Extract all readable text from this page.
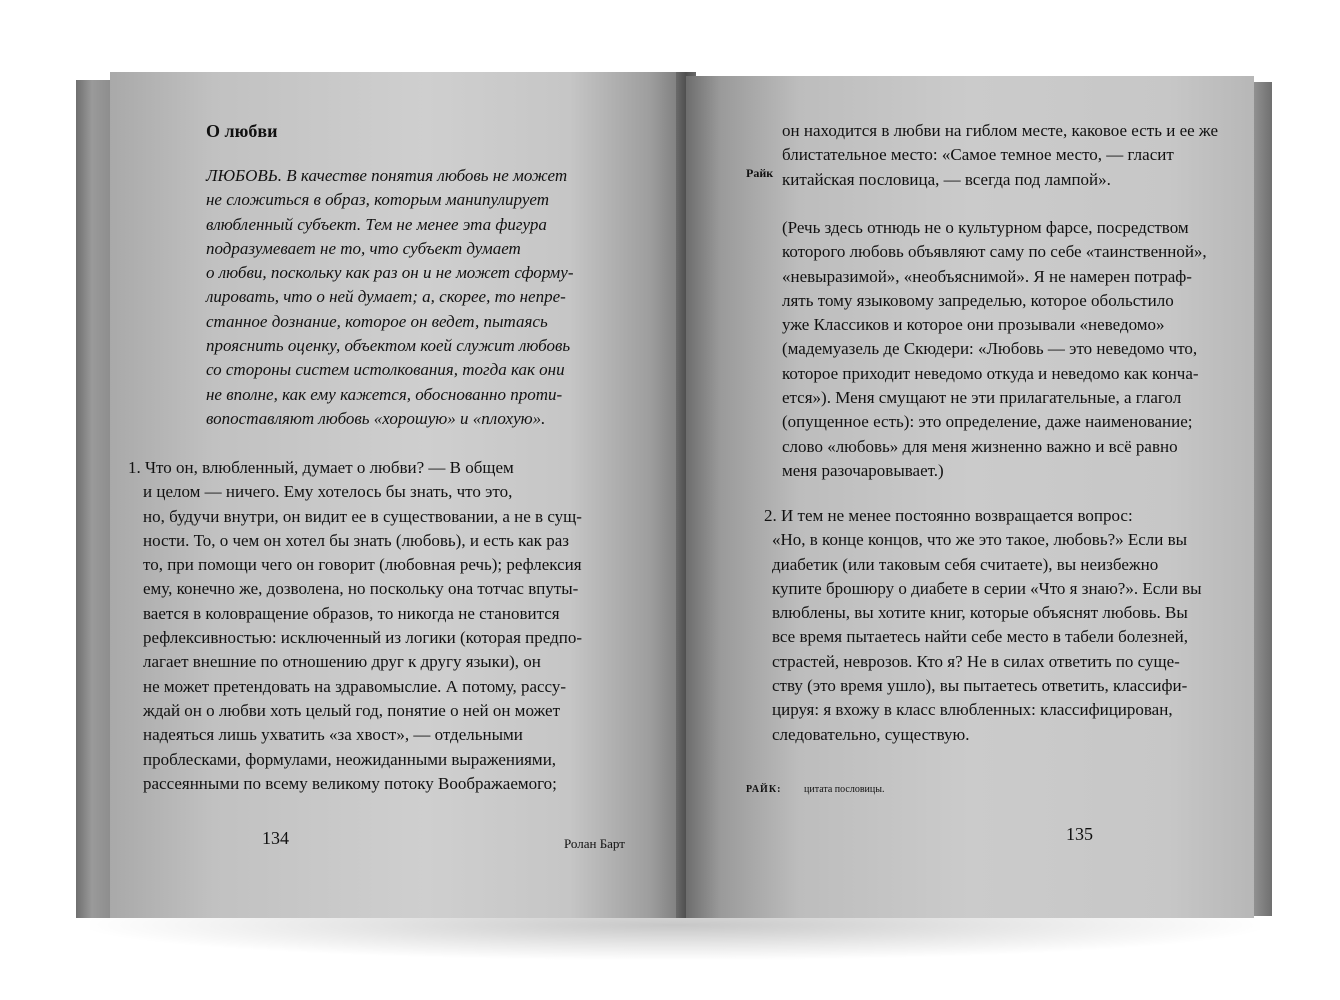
О любви
ЛЮБОВЬ. В качестве понятия любовь не может
не сложиться в образ, которым манипулирует
влюбленный субъект. Тем не менее эта фигура
подразумевает не то, что субъект думает
о любви, поскольку как раз он и не может сформу-
лировать, что о ней думает; а, скорее, то непре-
станное дознание, которое он ведет, пытаясь
прояснить оценку, объектом коей служит любовь
со стороны систем истолкования, тогда как они
не вполне, как ему кажется, обоснованно проти-
вопоставляют любовь «хорошую» и «плохую».
1. Что он, влюбленный, думает о любви? — В общем
и целом — ничего. Ему хотелось бы знать, что это,
но, будучи внутри, он видит ее в существовании, а не в сущ-
ности. То, о чем он хотел бы знать (любовь), и есть как раз
то, при помощи чего он говорит (любовная речь); рефлексия
ему, конечно же, дозволена, но поскольку она тотчас впуты-
вается в коловращение образов, то никогда не становится
рефлексивностью: исключенный из логики (которая предпо-
лагает внешние по отношению друг к другу языки), он
не может претендовать на здравомыслие. А потому, рассу-
ждай он о любви хоть целый год, понятие о ней он может
надеяться лишь ухватить «за хвост», — отдельными
проблесками, формулами, неожиданными выражениями,
рассеянными по всему великому потоку Воображаемого;
134	Ролан Барт
Райк
он находится в любви на гиблом месте, каковое есть и ее же
блистательное место: «Самое темное место, — гласит
китайская пословица, — всегда под лампой».
(Речь здесь отнюдь не о культурном фарсе, посредством
которого любовь объявляют саму по себе «таинственной»,
«невыразимой», «необъяснимой». Я не намерен потраф-
лять тому языковому запределью, которое обольстило
уже Классиков и которое они прозывали «неведомо»
(мадемуазель де Скюдери: «Любовь — это неведомо что,
которое приходит неведомо откуда и неведомо как конча-
ется»). Меня смущают не эти прилагательные, а глагол
(опущенное есть): это определение, даже наименование;
слово «любовь» для меня жизненно важно и всё равно
меня разочаровывает.)
2. И тем не менее постоянно возвращается вопрос:
«Но, в конце концов, что же это такое, любовь?» Если вы
диабетик (или таковым себя считаете), вы неизбежно
купите брошюру о диабете в серии «Что я знаю?». Если вы
влюблены, вы хотите книг, которые объяснят любовь. Вы
все время пытаетесь найти себе место в табели болезней,
страстей, неврозов. Кто я? Не в силах ответить по суще-
ству (это время ушло), вы пытаетесь ответить, классифи-
цируя: я вхожу в класс влюбленных: классифицирован,
следовательно, существую.
РАЙК: цитата пословицы.
135
